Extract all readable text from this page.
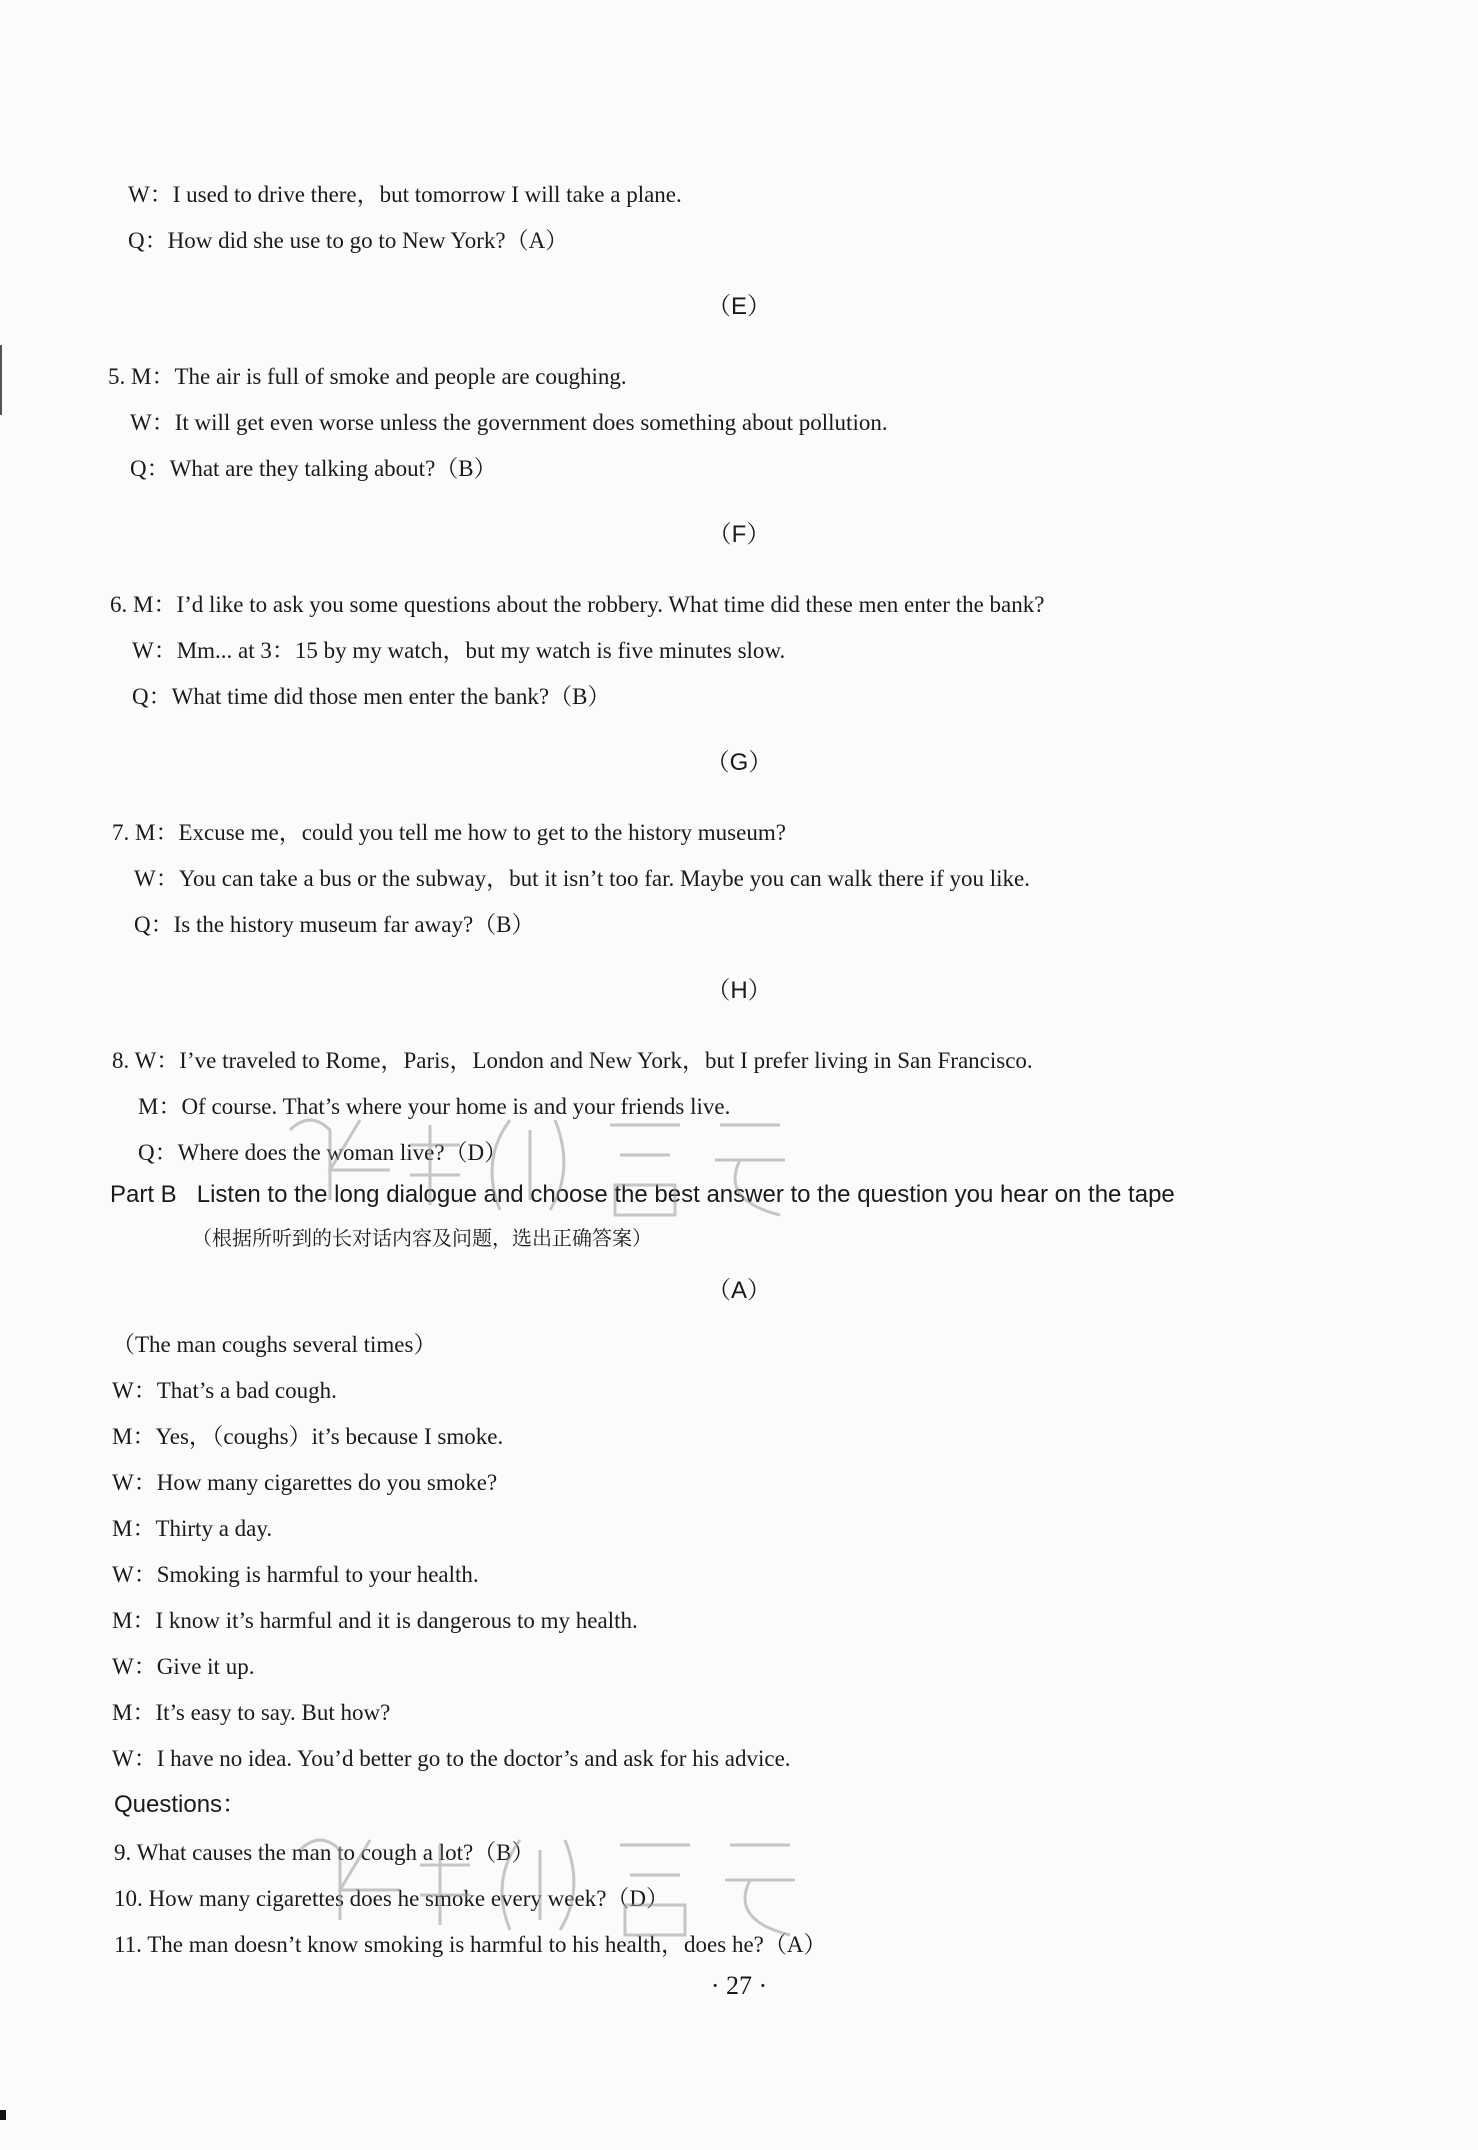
W：I used to drive there，but tomorrow I will take a plane.
Q：How did she use to go to New York?（A）
（E）
5. M：The air is full of smoke and people are coughing.
W：It will get even worse unless the government does something about pollution.
Q：What are they talking about?（B）
（F）
6. M：I’d like to ask you some questions about the robbery. What time did these men enter the bank?
W：Mm... at 3：15 by my watch，but my watch is five minutes slow.
Q：What time did those men enter the bank?（B）
（G）
7. M：Excuse me，could you tell me how to get to the history museum?
W：You can take a bus or the subway，but it isn’t too far. Maybe you can walk there if you like.
Q：Is the history museum far away?（B）
（H）
8. W：I’ve traveled to Rome，Paris，London and New York，but I prefer living in San Francisco.
M：Of course. That’s where your home is and your friends live.
Q：Where does the woman live?（D）
Part B Listen to the long dialogue and choose the best answer to the question you hear on the tape
（根据所听到的长对话内容及问题，选出正确答案）
（A）
（The man coughs several times）
W：That’s a bad cough.
M：Yes，（coughs）it’s because I smoke.
W：How many cigarettes do you smoke?
M：Thirty a day.
W：Smoking is harmful to your health.
M：I know it’s harmful and it is dangerous to my health.
W：Give it up.
M：It’s easy to say. But how?
W：I have no idea. You’d better go to the doctor’s and ask for his advice.
Questions：
9. What causes the man to cough a lot?（B）
10. How many cigarettes does he smoke every week?（D）
11. The man doesn’t know smoking is harmful to his health，does he?（A）
· 27 ·
